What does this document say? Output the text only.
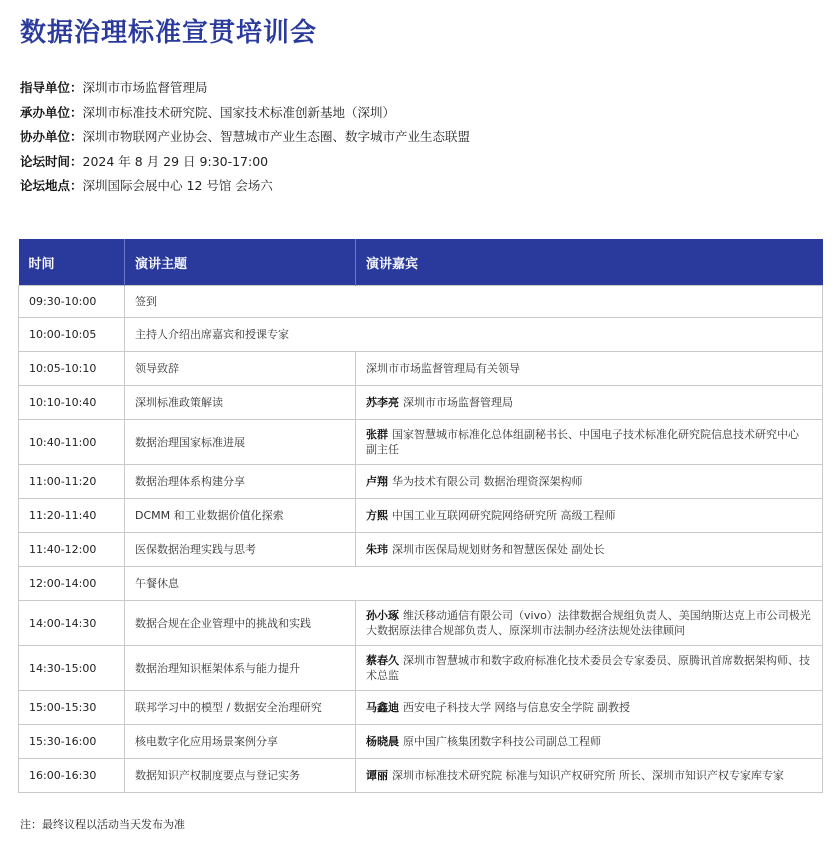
数据治理标准宣贯培训会
指导单位：深圳市市场监督管理局
承办单位：深圳市标准技术研究院、国家技术标准创新基地（深圳）
协办单位：深圳市物联网产业协会、智慧城市产业生态圈、数字城市产业生态联盟
论坛时间：2024 年 8 月 29 日 9:30-17:00
论坛地点：深圳国际会展中心 12 号馆 会场六
时间	演讲主题	演讲嘉宾
09:30-10:00	签到	
10:00-10:05	主持人介绍出席嘉宾和授课专家	
10:05-10:10	领导致辞	深圳市市场监督管理局有关领导
10:10-10:40	深圳标准政策解读	苏李亮 深圳市市场监督管理局
10:40-11:00	数据治理国家标准进展	张群 国家智慧城市标准化总体组副秘书长、中国电子技术标准化研究院信息技术研究中心 副主任
11:00-11:20	数据治理体系构建分享	卢翔 华为技术有限公司 数据治理资深架构师
11:20-11:40	DCMM 和工业数据价值化探索	方熙 中国工业互联网研究院网络研究所 高级工程师
11:40-12:00	医保数据治理实践与思考	朱玮 深圳市医保局规划财务和智慧医保处 副处长
12:00-14:00	午餐休息	
14:00-14:30	数据合规在企业管理中的挑战和实践	孙小琢 维沃移动通信有限公司（vivo）法律数据合规组负责人、美国纳斯达克上市公司极光大数据原法律合规部负责人、原深圳市法制办经济法规处法律顾问
14:30-15:00	数据治理知识框架体系与能力提升	蔡春久 深圳市智慧城市和数字政府标准化技术委员会专家委员、原腾讯首席数据架构师、技术总监
15:00-15:30	联邦学习中的模型 / 数据安全治理研究	马鑫迪 西安电子科技大学 网络与信息安全学院 副教授
15:30-16:00	核电数字化应用场景案例分享	杨晓晨 原中国广核集团数字科技公司副总工程师
16:00-16:30	数据知识产权制度要点与登记实务	谭丽 深圳市标准技术研究院 标准与知识产权研究所 所长、深圳市知识产权专家库专家
注：最终议程以活动当天发布为准
